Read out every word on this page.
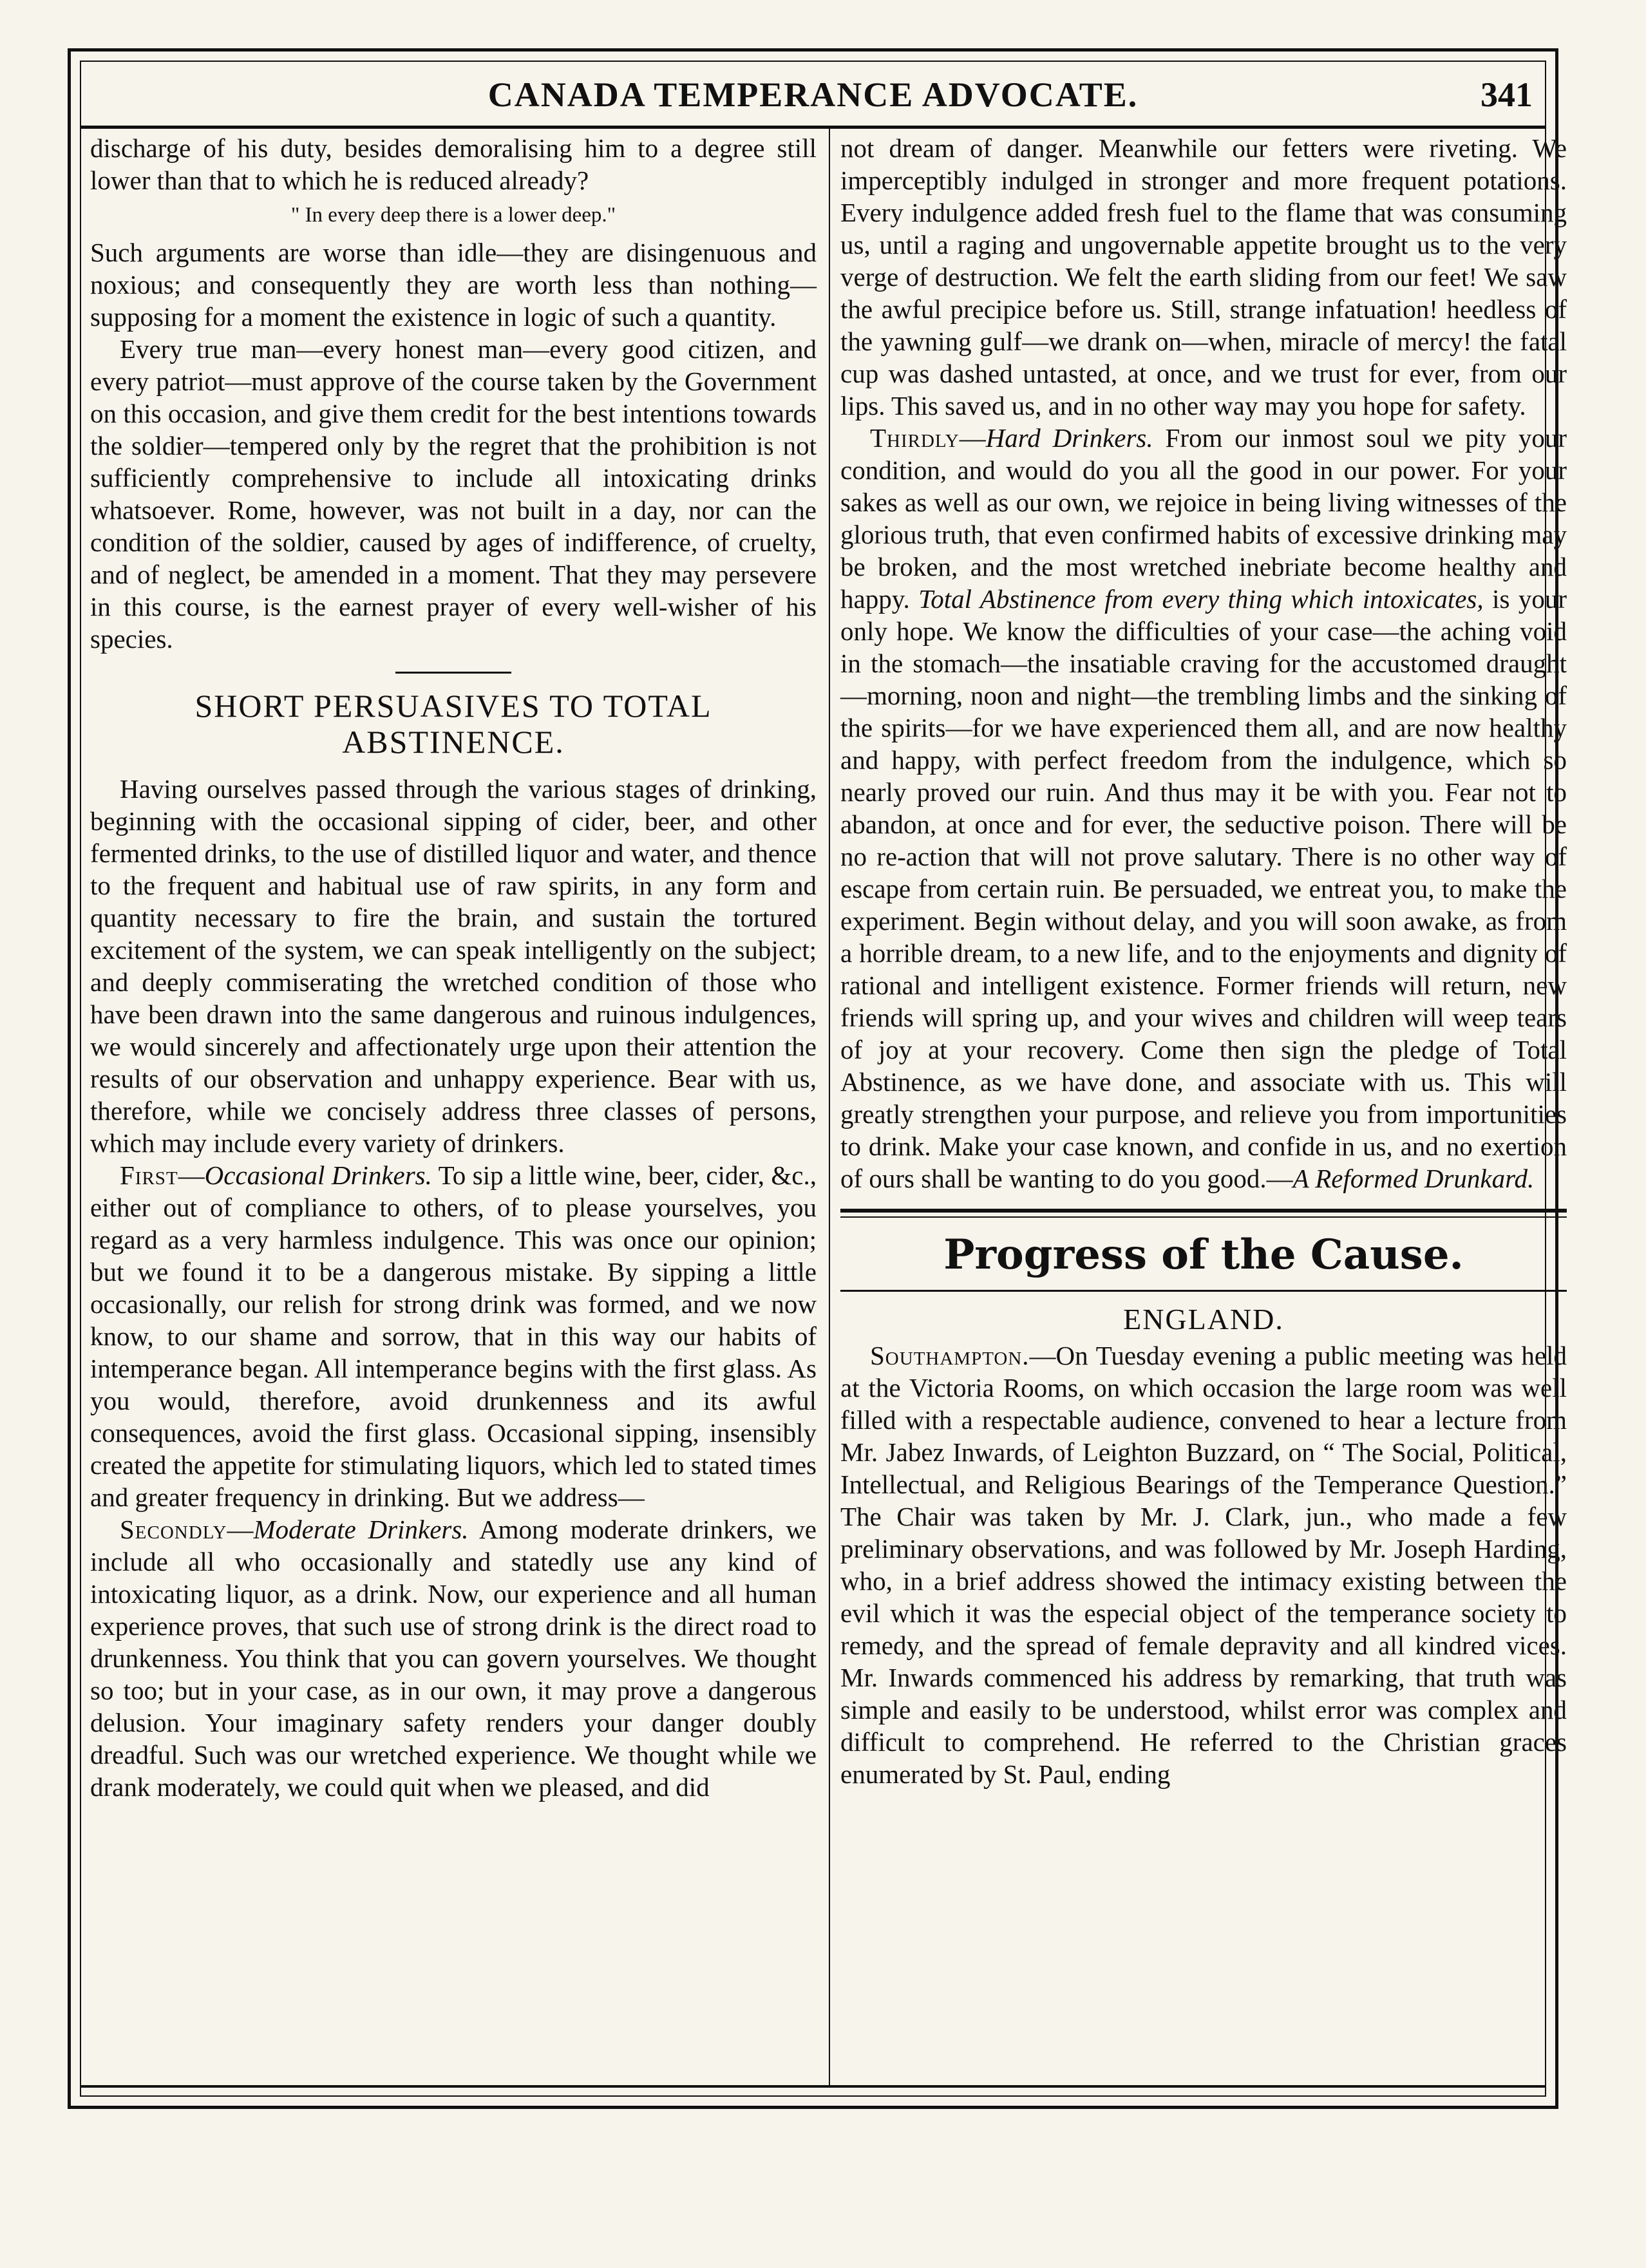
CANADA TEMPERANCE ADVOCATE.	341

discharge of his duty, besides demoralising him to a degree still lower than that to which he is reduced already?

" In every deep there is a lower deep."

Such arguments are worse than idle—they are disingenuous and noxious; and consequently they are worth less than nothing—supposing for a moment the existence in logic of such a quantity.

Every true man—every honest man—every good citizen, and every patriot—must approve of the course taken by the Government on this occasion, and give them credit for the best intentions towards the soldier—tempered only by the regret that the prohibition is not sufficiently comprehensive to include all intoxicating drinks whatsoever. Rome, however, was not built in a day, nor can the condition of the soldier, caused by ages of indifference, of cruelty, and of neglect, be amended in a moment. That they may persevere in this course, is the earnest prayer of every well-wisher of his species.

SHORT PERSUASIVES TO TOTAL ABSTINENCE.

Having ourselves passed through the various stages of drinking, beginning with the occasional sipping of cider, beer, and other fermented drinks, to the use of distilled liquor and water, and thence to the frequent and habitual use of raw spirits, in any form and quantity necessary to fire the brain, and sustain the tortured excitement of the system, we can speak intelligently on the subject; and deeply commiserating the wretched condition of those who have been drawn into the same dangerous and ruinous indulgences, we would sincerely and affectionately urge upon their attention the results of our observation and unhappy experience. Bear with us, therefore, while we concisely address three classes of persons, which may include every variety of drinkers.

First—Occasional Drinkers. To sip a little wine, beer, cider, &c., either out of compliance to others, of to please yourselves, you regard as a very harmless indulgence. This was once our opinion; but we found it to be a dangerous mistake. By sipping a little occasionally, our relish for strong drink was formed, and we now know, to our shame and sorrow, that in this way our habits of intemperance began. All intemperance begins with the first glass. As you would, therefore, avoid drunkenness and its awful consequences, avoid the first glass. Occasional sipping, insensibly created the appetite for stimulating liquors, which led to stated times and greater frequency in drinking. But we address—

Secondly—Moderate Drinkers. Among moderate drinkers, we include all who occasionally and statedly use any kind of intoxicating liquor, as a drink. Now, our experience and all human experience proves, that such use of strong drink is the direct road to drunkenness. You think that you can govern yourselves. We thought so too; but in your case, as in our own, it may prove a dangerous delusion. Your imaginary safety renders your danger doubly dreadful. Such was our wretched experience. We thought while we drank moderately, we could quit when we pleased, and did

not dream of danger. Meanwhile our fetters were riveting. We imperceptibly indulged in stronger and more frequent potations. Every indulgence added fresh fuel to the flame that was consuming us, until a raging and ungovernable appetite brought us to the very verge of destruction. We felt the earth sliding from our feet! We saw the awful precipice before us. Still, strange infatuation! heedless of the yawning gulf—we drank on—when, miracle of mercy! the fatal cup was dashed untasted, at once, and we trust for ever, from our lips. This saved us, and in no other way may you hope for safety.

Thirdly—Hard Drinkers. From our inmost soul we pity your condition, and would do you all the good in our power. For your sakes as well as our own, we rejoice in being living witnesses of the glorious truth, that even confirmed habits of excessive drinking may be broken, and the most wretched inebriate become healthy and happy. Total Abstinence from every thing which intoxicates, is your only hope. We know the difficulties of your case—the aching void in the stomach—the insatiable craving for the accustomed draught—morning, noon and night—the trembling limbs and the sinking of the spirits—for we have experienced them all, and are now healthy and happy, with perfect freedom from the indulgence, which so nearly proved our ruin. And thus may it be with you. Fear not to abandon, at once and for ever, the seductive poison. There will be no re-action that will not prove salutary. There is no other way of escape from certain ruin. Be persuaded, we entreat you, to make the experiment. Begin without delay, and you will soon awake, as from a horrible dream, to a new life, and to the enjoyments and dignity of rational and intelligent existence. Former friends will return, new friends will spring up, and your wives and children will weep tears of joy at your recovery. Come then sign the pledge of Total Abstinence, as we have done, and associate with us. This will greatly strengthen your purpose, and relieve you from importunities to drink. Make your case known, and confide in us, and no exertion of ours shall be wanting to do you good.—A Reformed Drunkard.

Progress of the Cause.
ENGLAND.

Southampton.—On Tuesday evening a public meeting was held at the Victoria Rooms, on which occasion the large room was well filled with a respectable audience, convened to hear a lecture from Mr. Jabez Inwards, of Leighton Buzzard, on “ The Social, Political, Intellectual, and Religious Bearings of the Temperance Question.” The Chair was taken by Mr. J. Clark, jun., who made a few preliminary observations, and was followed by Mr. Joseph Harding, who, in a brief address showed the intimacy existing between the evil which it was the especial object of the temperance society to remedy, and the spread of female depravity and all kindred vices. Mr. Inwards commenced his address by remarking, that truth was simple and easily to be understood, whilst error was complex and difficult to comprehend. He referred to the Christian graces enumerated by St. Paul, ending
